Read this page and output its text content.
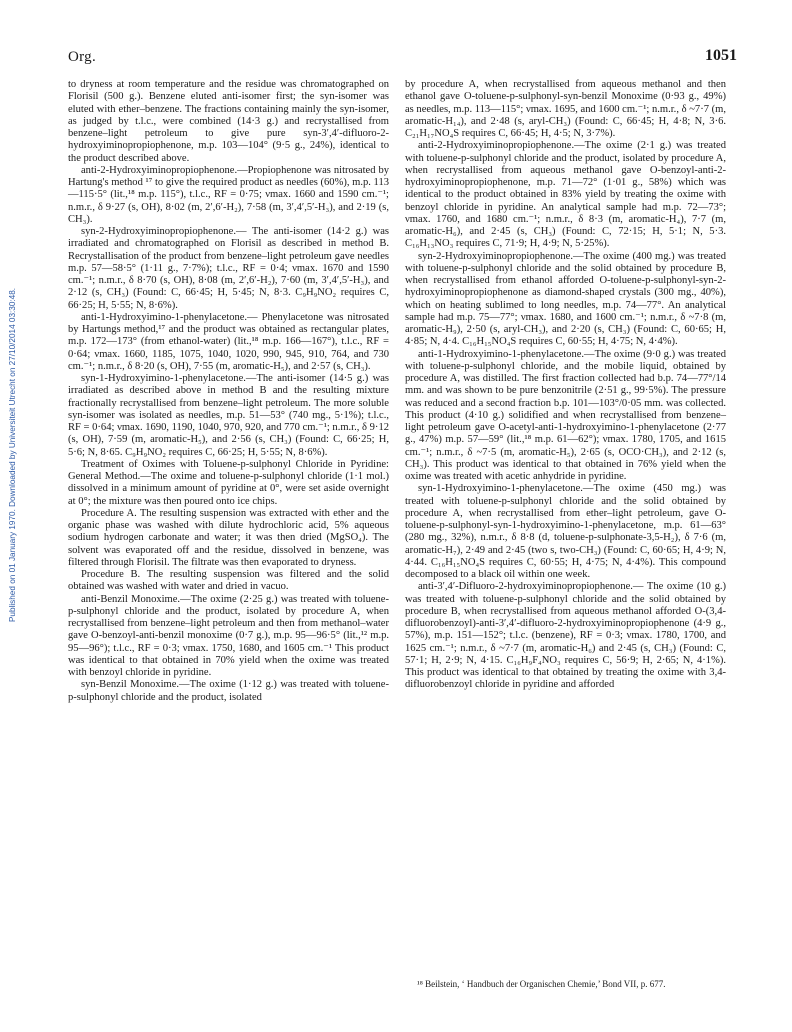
Org.	1051
Published on 01 January 1970. Downloaded by Universiteit Utrecht on 27/10/2014 03:30:48.

to dryness at room temperature and the residue was chromatographed on Florisil (500 g.). Benzene eluted anti-isomer first; the syn-isomer was eluted with ether–benzene. The fractions containing mainly the syn-isomer, as judged by t.l.c., were combined (14·3 g.) and recrystallised from benzene–light petroleum to give pure syn-3′,4′-difluoro-2-hydroxyiminopropiophenone, m.p. 103—104° (9·5 g., 24%), identical to the product described above.

anti-2-Hydroxyiminopropiophenone.—Propiophenone was nitrosated by Hartung's method ¹⁷ to give the required product as needles (60%), m.p. 113—115·5° (lit.,¹⁸ m.p. 115°), t.l.c., RF = 0·75; νmax. 1660 and 1590 cm.⁻¹; n.m.r., δ 9·27 (s, OH), 8·02 (m, 2′,6′-H₂), 7·58 (m, 3′,4′,5′-H₃), and 2·19 (s, CH₃).

syn-2-Hydroxyiminopropiophenone.— The anti-isomer (14·2 g.) was irradiated and chromatographed on Florisil as described in method B. Recrystallisation of the product from benzene–light petroleum gave needles m.p. 57—58·5° (1·11 g., 7·7%); t.l.c., RF = 0·4; νmax. 1670 and 1590 cm.⁻¹; n.m.r., δ 8·70 (s, OH), 8·08 (m, 2′,6′-H₂), 7·60 (m, 3′,4′,5′-H₃), and 2·12 (s, CH₃) (Found: C, 66·45; H, 5·45; N, 8·3. C₉H₉NO₂ requires C, 66·25; H, 5·55; N, 8·6%).

anti-1-Hydroxyimino-1-phenylacetone.— Phenylacetone was nitrosated by Hartungs method,¹⁷ and the product was obtained as rectangular plates, m.p. 172—173° (from ethanol-water) (lit.,¹⁸ m.p. 166—167°), t.l.c., RF = 0·64; νmax. 1660, 1185, 1075, 1040, 1020, 990, 945, 910, 764, and 730 cm.⁻¹; n.m.r., δ 8·20 (s, OH), 7·55 (m, aromatic-H₅), and 2·57 (s, CH₃).

syn-1-Hydroxyimino-1-phenylacetone.—The anti-isomer (14·5 g.) was irradiated as described above in method B and the resulting mixture fractionally recrystallised from benzene–light petroleum. The more soluble syn-isomer was isolated as needles, m.p. 51—53° (740 mg., 5·1%); t.l.c., RF = 0·64; νmax. 1690, 1190, 1040, 970, 920, and 770 cm.⁻¹; n.m.r., δ 9·12 (s, OH), 7·59 (m, aromatic-H₅), and 2·56 (s, CH₃) (Found: C, 66·25; H, 5·6; N, 8·65. C₉H₉NO₂ requires C, 66·25; H, 5·55; N, 8·6%).

Treatment of Oximes with Toluene-p-sulphonyl Chloride in Pyridine: General Method.—The oxime and toluene-p-sulphonyl chloride (1·1 mol.) dissolved in a minimum amount of pyridine at 0°, were set aside overnight at 0°; the mixture was then poured onto ice chips.

Procedure A. The resulting suspension was extracted with ether and the organic phase was washed with dilute hydrochloric acid, 5% aqueous sodium hydrogen carbonate and water; it was then dried (MgSO₄). The solvent was evaporated off and the residue, dissolved in benzene, was filtered through Florisil. The filtrate was then evaporated to dryness.

Procedure B. The resulting suspension was filtered and the solid obtained was washed with water and dried in vacuo.

anti-Benzil Monoxime.—The oxime (2·25 g.) was treated with toluene-p-sulphonyl chloride and the product, isolated by procedure A, when recrystallised from benzene–light petroleum and then from methanol–water gave O-benzoyl-anti-benzil monoxime (0·7 g.), m.p. 95—96·5° (lit.,¹² m.p. 95—96°); t.l.c., RF = 0·3; νmax. 1750, 1680, and 1605 cm.⁻¹ This product was identical to that obtained in 70% yield when the oxime was treated with benzoyl chloride in pyridine.

syn-Benzil Monoxime.—The oxime (1·12 g.) was treated with toluene-p-sulphonyl chloride and the product, isolated

by procedure A, when recrystallised from aqueous methanol and then ethanol gave O-toluene-p-sulphonyl-syn-benzil Monoxime (0·93 g., 49%) as needles, m.p. 113—115°; νmax. 1695, and 1600 cm.⁻¹; n.m.r., δ ~7·7 (m, aromatic-H₁₄), and 2·48 (s, aryl-CH₃) (Found: C, 66·45; H, 4·8; N, 3·6. C₂₁H₁₇NO₄S requires C, 66·45; H, 4·5; N, 3·7%).

anti-2-Hydroxyiminopropiophenone.—The oxime (2·1 g.) was treated with toluene-p-sulphonyl chloride and the product, isolated by procedure A, when recrystallised from aqueous methanol gave O-benzoyl-anti-2-hydroxyiminopropiophenone, m.p. 71—72° (1·01 g., 58%) which was identical to the product obtained in 83% yield by treating the oxime with benzoyl chloride in pyridine. An analytical sample had m.p. 72—73°; νmax. 1760, and 1680 cm.⁻¹; n.m.r., δ 8·3 (m, aromatic-H₄), 7·7 (m, aromatic-H₆), and 2·45 (s, CH₃) (Found: C, 72·15; H, 5·1; N, 5·3. C₁₆H₁₃NO₃ requires C, 71·9; H, 4·9; N, 5·25%).

syn-2-Hydroxyiminopropiophenone.—The oxime (400 mg.) was treated with toluene-p-sulphonyl chloride and the solid obtained by procedure B, when recrystallised from ethanol afforded O-toluene-p-sulphonyl-syn-2-hydroxyiminopropiophenone as diamond-shaped crystals (300 mg., 40%), which on heating sublimed to long needles, m.p. 74—77°. An analytical sample had m.p. 75—77°; νmax. 1680, and 1600 cm.⁻¹; n.m.r., δ ~7·8 (m, aromatic-H₉), 2·50 (s, aryl-CH₃), and 2·20 (s, CH₃) (Found: C, 60·65; H, 4·85; N, 4·4. C₁₆H₁₅NO₄S requires C, 60·55; H, 4·75; N, 4·4%).

anti-1-Hydroxyimino-1-phenylacetone.—The oxime (9·0 g.) was treated with toluene-p-sulphonyl chloride, and the mobile liquid, obtained by procedure A, was distilled. The first fraction collected had b.p. 74—77°/14 mm. and was shown to be pure benzonitrile (2·51 g., 99·5%). The pressure was reduced and a second fraction b.p. 101—103°/0·05 mm. was collected. This product (4·10 g.) solidified and when recrystallised from benzene–light petroleum gave O-acetyl-anti-1-hydroxyimino-1-phenylacetone (2·77 g., 47%) m.p. 57—59° (lit.,¹⁸ m.p. 61—62°); νmax. 1780, 1705, and 1615 cm.⁻¹; n.m.r., δ ~7·5 (m, aromatic-H₅), 2·65 (s, OCO·CH₃), and 2·12 (s, CH₃). This product was identical to that obtained in 76% yield when the oxime was treated with acetic anhydride in pyridine.

syn-1-Hydroxyimino-1-phenylacetone.—The oxime (450 mg.) was treated with toluene-p-sulphonyl chloride and the solid obtained by procedure A, when recrystallised from ether–light petroleum, gave O-toluene-p-sulphonyl-syn-1-hydroxyimino-1-phenylacetone, m.p. 61—63° (280 mg., 32%), n.m.r., δ 8·8 (d, toluene-p-sulphonate-3,5-H₂), δ 7·6 (m, aromatic-H₇), 2·49 and 2·45 (two s, two-CH₃) (Found: C, 60·65; H, 4·9; N, 4·44. C₁₆H₁₅NO₄S requires C, 60·55; H, 4·75; N, 4·4%). This compound decomposed to a black oil within one week.

anti-3′,4′-Difluoro-2-hydroxyiminopropiophenone.— The oxime (10 g.) was treated with toluene-p-sulphonyl chloride and the solid obtained by procedure B, when recrystallised from aqueous methanol afforded O-(3,4-difluorobenzoyl)-anti-3′,4′-difluoro-2-hydroxyiminopropiophenone (4·9 g., 57%), m.p. 151—152°; t.l.c. (benzene), RF = 0·3; νmax. 1780, 1700, and 1625 cm.⁻¹; n.m.r., δ ~7·7 (m, aromatic-H₆) and 2·45 (s, CH₃) (Found: C, 57·1; H, 2·9; N, 4·15. C₁₆H₉F₄NO₃ requires C, 56·9; H, 2·65; N, 4·1%). This product was identical to that obtained by treating the oxime with 3,4-difluorobenzoyl chloride in pyridine and afforded

¹⁸ Beilstein, ‘ Handbuch der Organischen Chemie,’ Bond VII, p. 677.
